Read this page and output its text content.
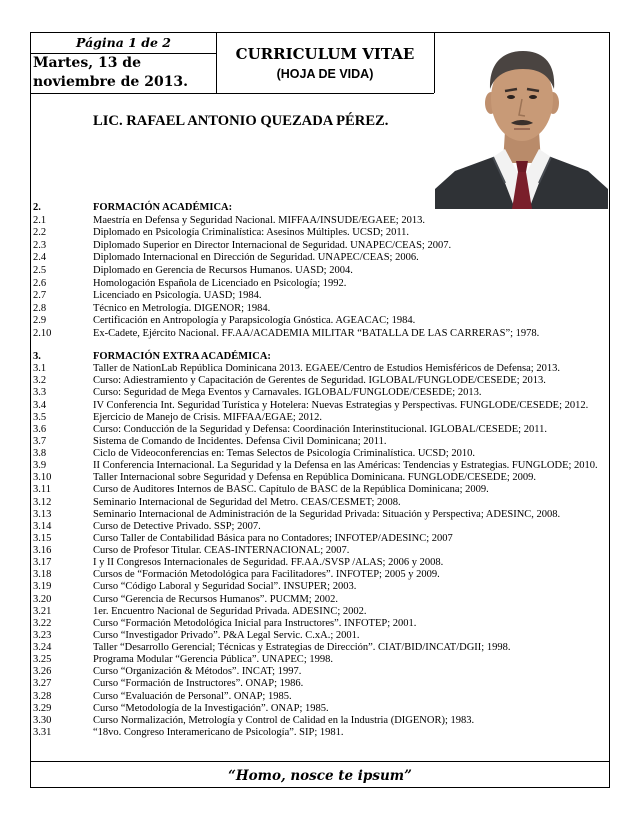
Página 1 de 2
Martes, 13 de
noviembre de 2013.
CURRICULUM VITAE
(HOJA DE VIDA)
LIC. RAFAEL ANTONIO QUEZADA PÉREZ.
2.	FORMACIÓN ACADÉMICA:
2.1	Maestría en Defensa y Seguridad Nacional. MIFFAA/INSUDE/EGAEE; 2013.
2.2	Diplomado en Psicología Criminalística: Asesinos Múltiples. UCSD; 2011.
2.3	Diplomado Superior en Director Internacional de Seguridad. UNAPEC/CEAS; 2007.
2.4	Diplomado Internacional en Dirección de Seguridad. UNAPEC/CEAS; 2006.
2.5	Diplomado en Gerencia de Recursos Humanos. UASD; 2004.
2.6	Homologación Española de Licenciado en Psicología; 1992.
2.7	Licenciado en Psicología. UASD; 1984.
2.8	Técnico en Metrología. DIGENOR; 1984.
2.9	Certificación en Antropología y Parapsicología Gnóstica. AGEACAC; 1984.
2.10	Ex-Cadete, Ejército Nacional. FF.AA/ACADEMIA MILITAR “BATALLA DE LAS CARRERAS”; 1978.
3.	FORMACIÓN EXTRA ACADÉMICA:
3.1	Taller de NationLab República Dominicana 2013. EGAEE/Centro de Estudios Hemisféricos de Defensa; 2013.
3.2	Curso: Adiestramiento y Capacitación de Gerentes de Seguridad. IGLOBAL/FUNGLODE/CESEDE; 2013.
3.3	Curso: Seguridad de Mega Eventos y Carnavales. IGLOBAL/FUNGLODE/CESEDE; 2013.
3.4	IV Conferencia Int. Seguridad Turística y Hotelera: Nuevas Estrategias y Perspectivas. FUNGLODE/CESEDE; 2012.
3.5	Ejercicio de Manejo de Crisis. MIFFAA/EGAE; 2012.
3.6	Curso: Conducción de la Seguridad y Defensa: Coordinación Interinstitucional. IGLOBAL/CESEDE; 2011.
3.7	Sistema de Comando de Incidentes. Defensa Civil Dominicana; 2011.
3.8	Ciclo de Videoconferencias en: Temas Selectos de Psicología Criminalística. UCSD; 2010.
3.9	II Conferencia Internacional. La Seguridad y la Defensa en las Américas: Tendencias y Estrategias. FUNGLODE; 2010.
3.10	Taller Internacional sobre Seguridad y Defensa en República Dominicana. FUNGLODE/CESEDE; 2009.
3.11	Curso de Auditores Internos de BASC. Capítulo de BASC de la República Dominicana; 2009.
3.12	Seminario Internacional de Seguridad del Metro. CEAS/CESMET; 2008.
3.13	Seminario Internacional de Administración de la Seguridad Privada: Situación y Perspectiva; ADESINC, 2008.
3.14	Curso de Detective Privado. SSP; 2007.
3.15	Curso Taller de Contabilidad Básica para no Contadores; INFOTEP/ADESINC; 2007
3.16	Curso de Profesor Titular. CEAS-INTERNACIONAL; 2007.
3.17	I y II Congresos Internacionales de Seguridad. FF.AA./SVSP /ALAS; 2006 y 2008.
3.18	Cursos de “Formación Metodológica para Facilitadores”. INFOTEP; 2005 y 2009.
3.19	Curso “Código Laboral y Seguridad Social”. INSUPER; 2003.
3.20	Curso “Gerencia de Recursos Humanos”. PUCMM; 2002.
3.21	1er. Encuentro Nacional de Seguridad Privada. ADESINC; 2002.
3.22	Curso “Formación Metodológica Inicial para Instructores”. INFOTEP; 2001.
3.23	Curso “Investigador Privado”. P&A Legal Servic. C.xA.; 2001.
3.24	Taller “Desarrollo Gerencial; Técnicas y Estrategias de Dirección”. CIAT/BID/INCAT/DGII; 1998.
3.25	Programa Modular “Gerencia Pública”. UNAPEC; 1998.
3.26	Curso “Organización & Métodos”. INCAT; 1997.
3.27	Curso “Formación de Instructores”. ONAP; 1986.
3.28	Curso “Evaluación de Personal”. ONAP; 1985.
3.29	Curso “Metodología de la Investigación”. ONAP; 1985.
3.30	Curso Normalización, Metrología y Control de Calidad en la Industria (DIGENOR); 1983.
3.31	“18vo. Congreso Interamericano de Psicología”. SIP; 1981.
“Homo, nosce te ipsum”
